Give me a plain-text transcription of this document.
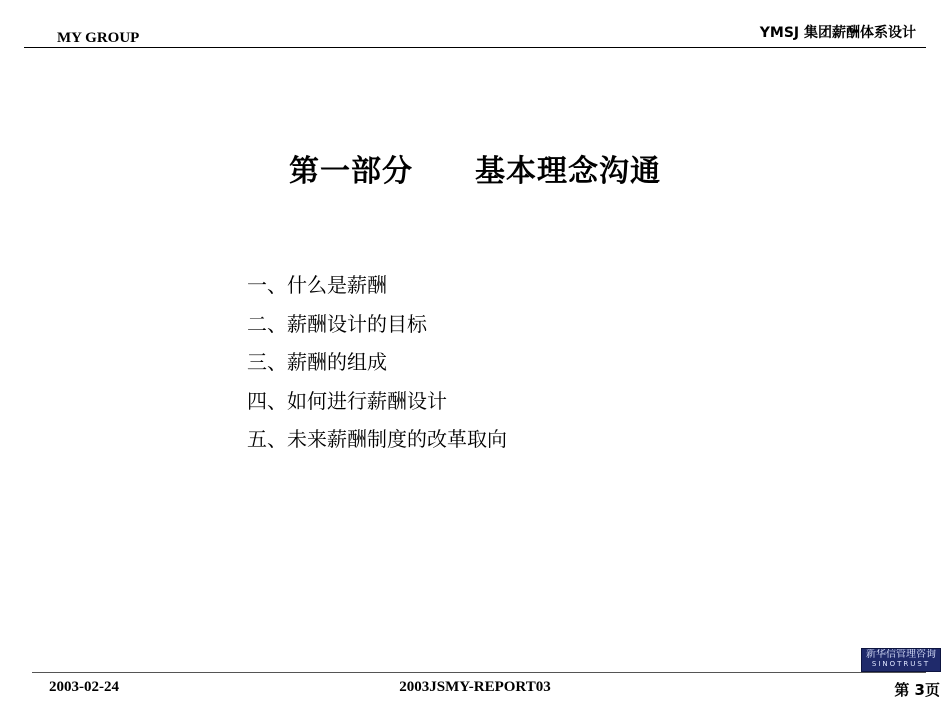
MY GROUP	YMSJ 集团薪酬体系设计
第一部分 基本理念沟通
一、什么是薪酬
二、薪酬设计的目标
三、薪酬的组成
四、如何进行薪酬设计
五、未来薪酬制度的改革取向
新华信管理咨询
SINOTRUST
2003-02-24	2003JSMY-REPORT03	第 3页
